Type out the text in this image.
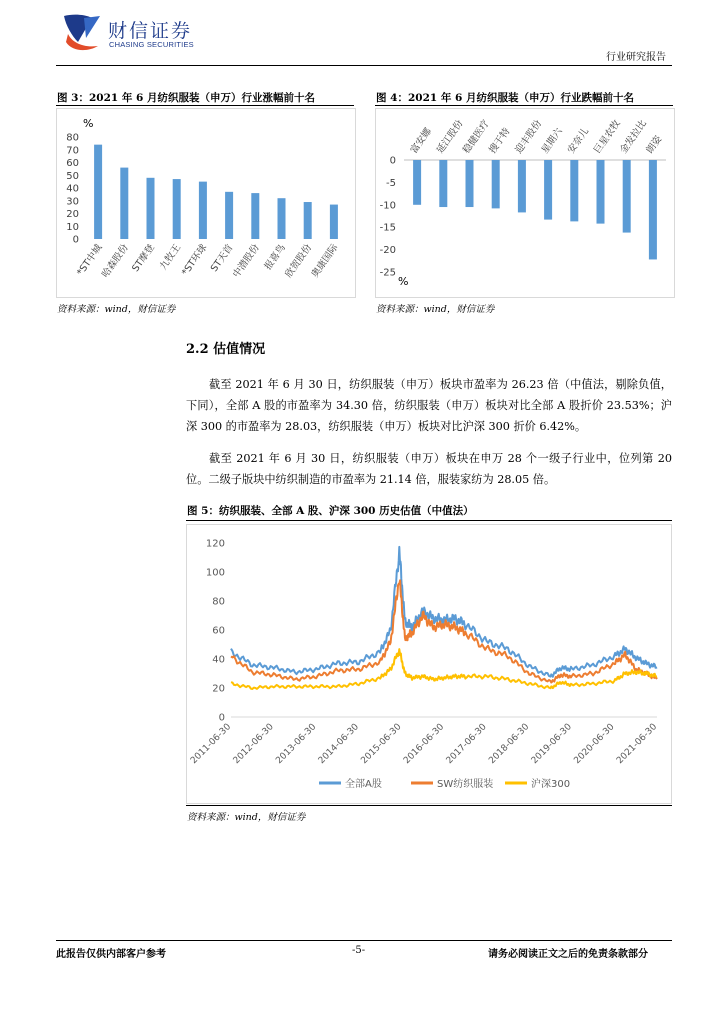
财信证券
CHASING SECURITIES
行业研究报告
图 3：2021 年 6 月纺织服装（申万）行业涨幅前十名
0
10
20
30
40
50
60
70
80
%
*ST中城
哈森股份 ST摩登 九牧王
*ST环球 ST天首
中潜股份 报喜鸟
欣贺股份
奥康国际
资料来源：wind，财信证券
图 4：2021 年 6 月纺织服装（申万）行业跌幅前十名
0
-5
-10
-15
-20
-25
%
富安娜 延江股份
稳健医疗
搜于特 迎丰股份
星期六 安奈儿 巨星农牧
金发拉比
朗姿
资料来源：wind，财信证券
2.2 估值情况
截至 2021 年 6 月 30 日，纺织服装（申万）板块市盈率为 26.23 倍（中值法，剔除负值，下同），全部 A 股的市盈率为 34.30 倍，纺织服装（申万）板块对比全部 A 股折价 23.53%；沪深 300 的市盈率为 28.03，纺织服装（申万）板块对比沪深 300 折价 6.42%。
截至 2021 年 6 月 30 日，纺织服装（申万）板块在申万 28 个一级子行业中，位列第 20 位。二级子版块中纺织制造的市盈率为 21.14 倍，服装家纺为 28.05 倍。
图 5：纺织服装、全部 A 股、沪深 300 历史估值（中值法）
0
20
40
60
80
100
120
2011-06-30
2012-06-30
2013-06-30
2014-06-30
2015-06-30
2016-06-30
2017-06-30
2018-06-30
2019-06-30
2020-06-30
2021-06-30
全部A股	SW纺织服装	沪深300
资料来源：wind，财信证券
此报告仅供内部客户参考	-5-	请务必阅读正文之后的免责条款部分
